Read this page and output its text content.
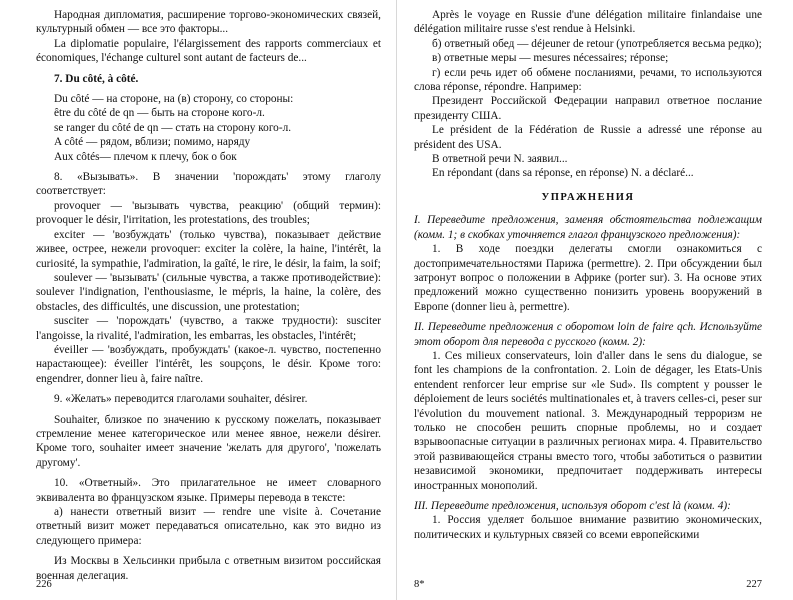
Народная дипломатия, расширение торгово-экономических связей, культурный обмен — все это факторы...

La diplomatie populaire, l'élargissement des rapports commerciaux et économiques, l'échange culturel sont autant de facteurs de...

7. Du côté, à côté.

Du côté — на стороне, на (в) сторону, со стороны:

être du côté de qn — быть на стороне кого-л.

se ranger du côté de qn — стать на сторону кого-л.

A côté — рядом, вблизи; помимо, наряду

Aux côtés— плечом к плечу, бок о бок

8. «Вызывать». В значении 'порождать' этому глаголу соответствует:

provoquer — 'вызывать чувства, реакцию' (общий термин): provoquer le désir, l'irritation, les protestations, des troubles;

exciter — 'возбуждать' (только чувства), показывает действие живее, острее, нежели provoquer: exciter la colère, la haine, l'intérêt, la curiosité, la sympathie, l'admiration, la gaîté, le rire, le désir, la faim, la soif;

soulever — 'вызывать' (сильные чувства, а также противодействие): soulever l'indignation, l'enthousiasme, le mépris, la haine, la colère, des obstacles, des difficultés, une discussion, une protestation;

susciter — 'порождать' (чувство, а также трудности): susciter l'angoisse, la rivalité, l'admiration, les embarras, les obstacles, l'intérêt;

éveiller — 'возбуждать, пробуждать' (какое-л. чувство, постепенно нарастающее): éveiller l'intérêt, les soupçons, le désir. Кроме того: engendrer, donner lieu à, faire naître.

9. «Желать» переводится глаголами souhaiter, désirer.

Souhaiter, близкое по значению к русскому пожелать, показывает стремление менее категорическое или менее явное, нежели désirer. Кроме того, souhaiter имеет значение 'желать для другого', 'пожелать другому'.

10. «Ответный». Это прилагательное не имеет словарного эквивалента во французском языке. Примеры перевода в тексте:

а) нанести ответный визит — rendre une visite à. Сочетание ответный визит может передаваться описательно, как это видно из следующего примера:

Из Москвы в Хельсинки прибыла с ответным визитом российская военная делегация.

226

Après le voyage en Russie d'une délégation militaire finlandaise une délégation militaire russe s'est rendue à Helsinki.

б) ответный обед — déjeuner de retour (употребляется весьма редко);

в) ответные меры — mesures nécessaires; réponse;

г) если речь идет об обмене посланиями, речами, то используются слова réponse, répondre. Например:

Президент Российской Федерации направил ответное послание президенту США.

Le président de la Fédération de Russie a adressé une réponse au président des USA.

В ответной речи N. заявил...

En répondant (dans sa réponse, en réponse) N. a déclaré...

УПРАЖНЕНИЯ

I. Переведите предложения, заменяя обстоятельства подлежащим (комм. 1; в скобках уточняется глагол французского предложения):

1. В ходе поездки делегаты смогли ознакомиться с достопримечательностями Парижа (permettre). 2. При обсуждении был затронут вопрос о положении в Африке (porter sur). 3. На основе этих предложений можно существенно понизить уровень вооружений в Европе (donner lieu à, permettre).

II. Переведите предложения с оборотом loin de faire qch. Используйте этот оборот для перевода с русского (комм. 2):

1. Ces milieux conservateurs, loin d'aller dans le sens du dialogue, se font les champions de la confrontation. 2. Loin de dégager, les Etats-Unis entendent renforcer leur emprise sur «le Sud». Ils comptent y pousser le déploiement de leurs sociétés multinationales et, à travers celles-ci, peser sur l'évolution du mouvement national. 3. Международный терроризм не только не способен решить спорные проблемы, но и создает взрывоопасные ситуации в различных регионах мира. 4. Правительство этой развивающейся страны вместо того, чтобы заботиться о развитии независимой экономики, предпочитает поддерживать интересы иностранных монополий.

III. Переведите предложения, используя оборот c'est là (комм. 4):

1. Россия уделяет большое внимание развитию экономических, политических и культурных связей со всеми европейскими

8*	227
